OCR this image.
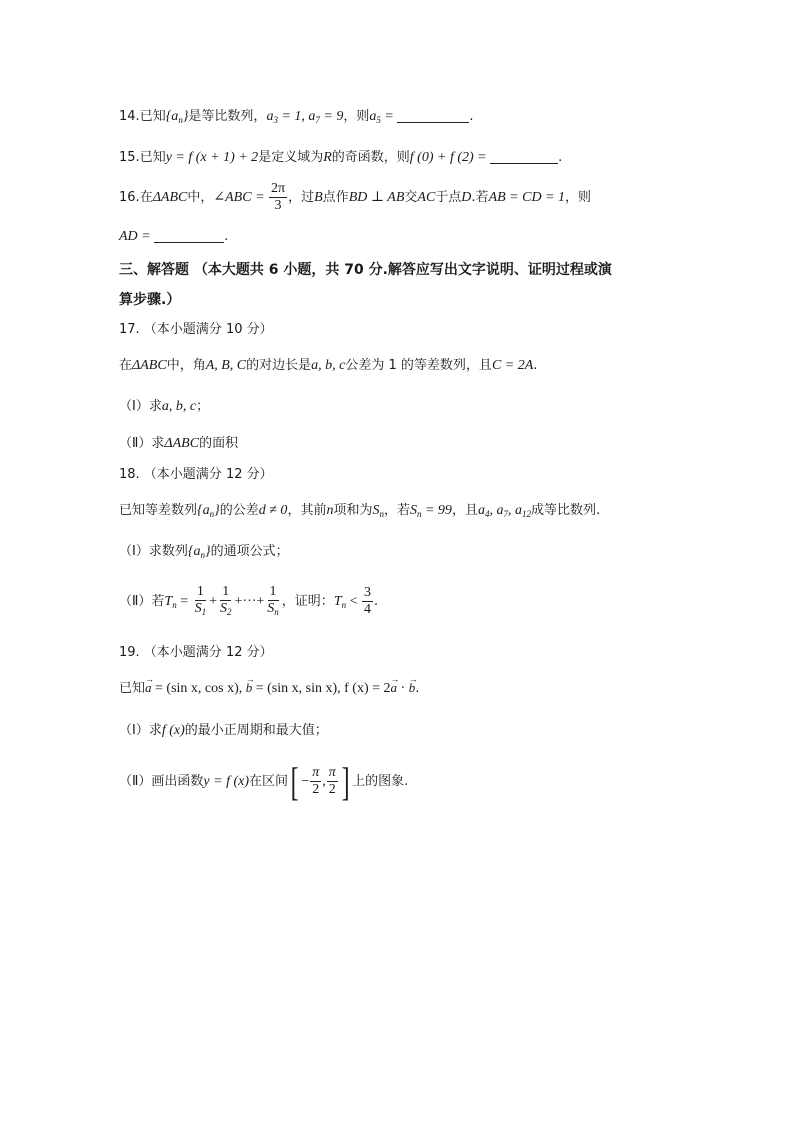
14.已知$\{a_n\}$是等比数列，$a_3 = 1$, $a_7 = 9$，则$a_5$ =	.
15.已知y = f (x + 1) + 2是定义域为R的奇函数，则f (0) + f (2) =	.
16.在ΔABC中，∠ABC = $\frac{2\pi}{3}$ ，过B点作BD ⊥ AB交AC于点D.若AB = CD = 1，则
AD =	.
三、解答题 （本大题共 6 小题，共 70 分.解答应写出文字说明、证明过程或演
算步骤.）
17. （本小题满分 10 分）
在ΔABC中，角A, B, C的对边长是a, b, c公差为 1 的等差数列，且C = 2A.
（Ⅰ）求a, b, c；
（Ⅱ）求ΔABC的面积
18. （本小题满分 12 分）
已知等差数列$\{a_n\}$的公差d ≠ 0，其前n项和为$S_n$，若$S_n = 99$，且$a_4$, $a_7$, $a_{12}$成等比数列.
（Ⅰ）求数列$\{a_n\}$的通项公式；
（Ⅱ）若$T_n = \frac{1}{S_1} + \frac{1}{S_2}$ +···+ $\frac{1}{S_n}$ ，证明：$T_n < \frac{3}{4}$ .
19. （本小题满分 12 分）
已知→ a = (sin x, cos x), → b = (sin x, sin x), f (x) = 2→ a · → b.
（Ⅰ）求f (x)的最小正周期和最大值；
（Ⅱ）画出函数y = f (x)在区间[ − $\frac{\pi}{2}$ , $\frac{\pi}{2}$ ] 上的图象.
